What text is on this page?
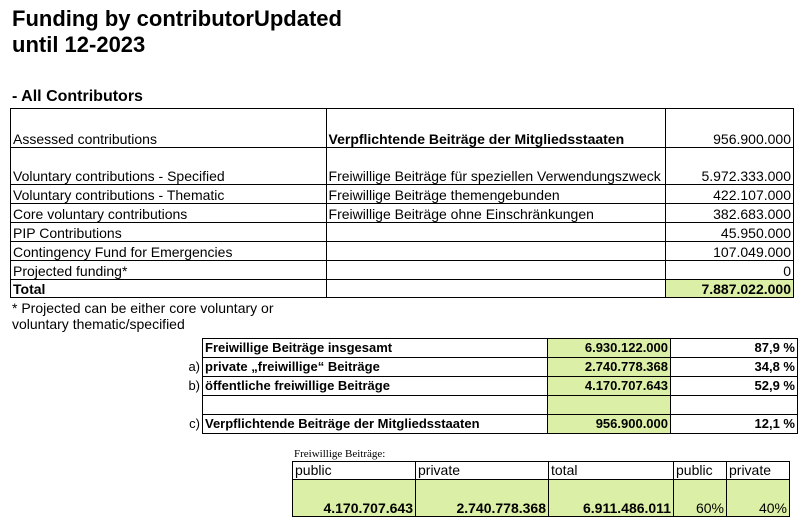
Funding by contributorUpdated until 12-2023
- All Contributors
Assessed contributions	Verpflichtende Beiträge der Mitgliedsstaaten	956.900.000
Voluntary contributions - Specified	Freiwillige Beiträge für speziellen Verwendungszweck	5.972.333.000
Voluntary contributions - Thematic	Freiwillige Beiträge themengebunden	422.107.000
Core voluntary contributions	Freiwillige Beiträge ohne Einschränkungen	382.683.000
PIP Contributions		45.950.000
Contingency Fund for Emergencies		107.049.000
Projected funding*		0
Total		7.887.022.000
* Projected can be either core voluntary or voluntary thematic/specified
	Freiwillige Beiträge insgesamt	6.930.122.000	87,9 %
a)	private „freiwillige“ Beiträge	2.740.778.368	34,8 %
b)	öffentliche freiwillige Beiträge	4.170.707.643	52,9 %

c)	Verpflichtende Beiträge der Mitgliedsstaaten	956.900.000	12,1 %
Freiwillige Beiträge:
public	private	total	public	private
4.170.707.643	2.740.778.368	6.911.486.011	60%	40%
